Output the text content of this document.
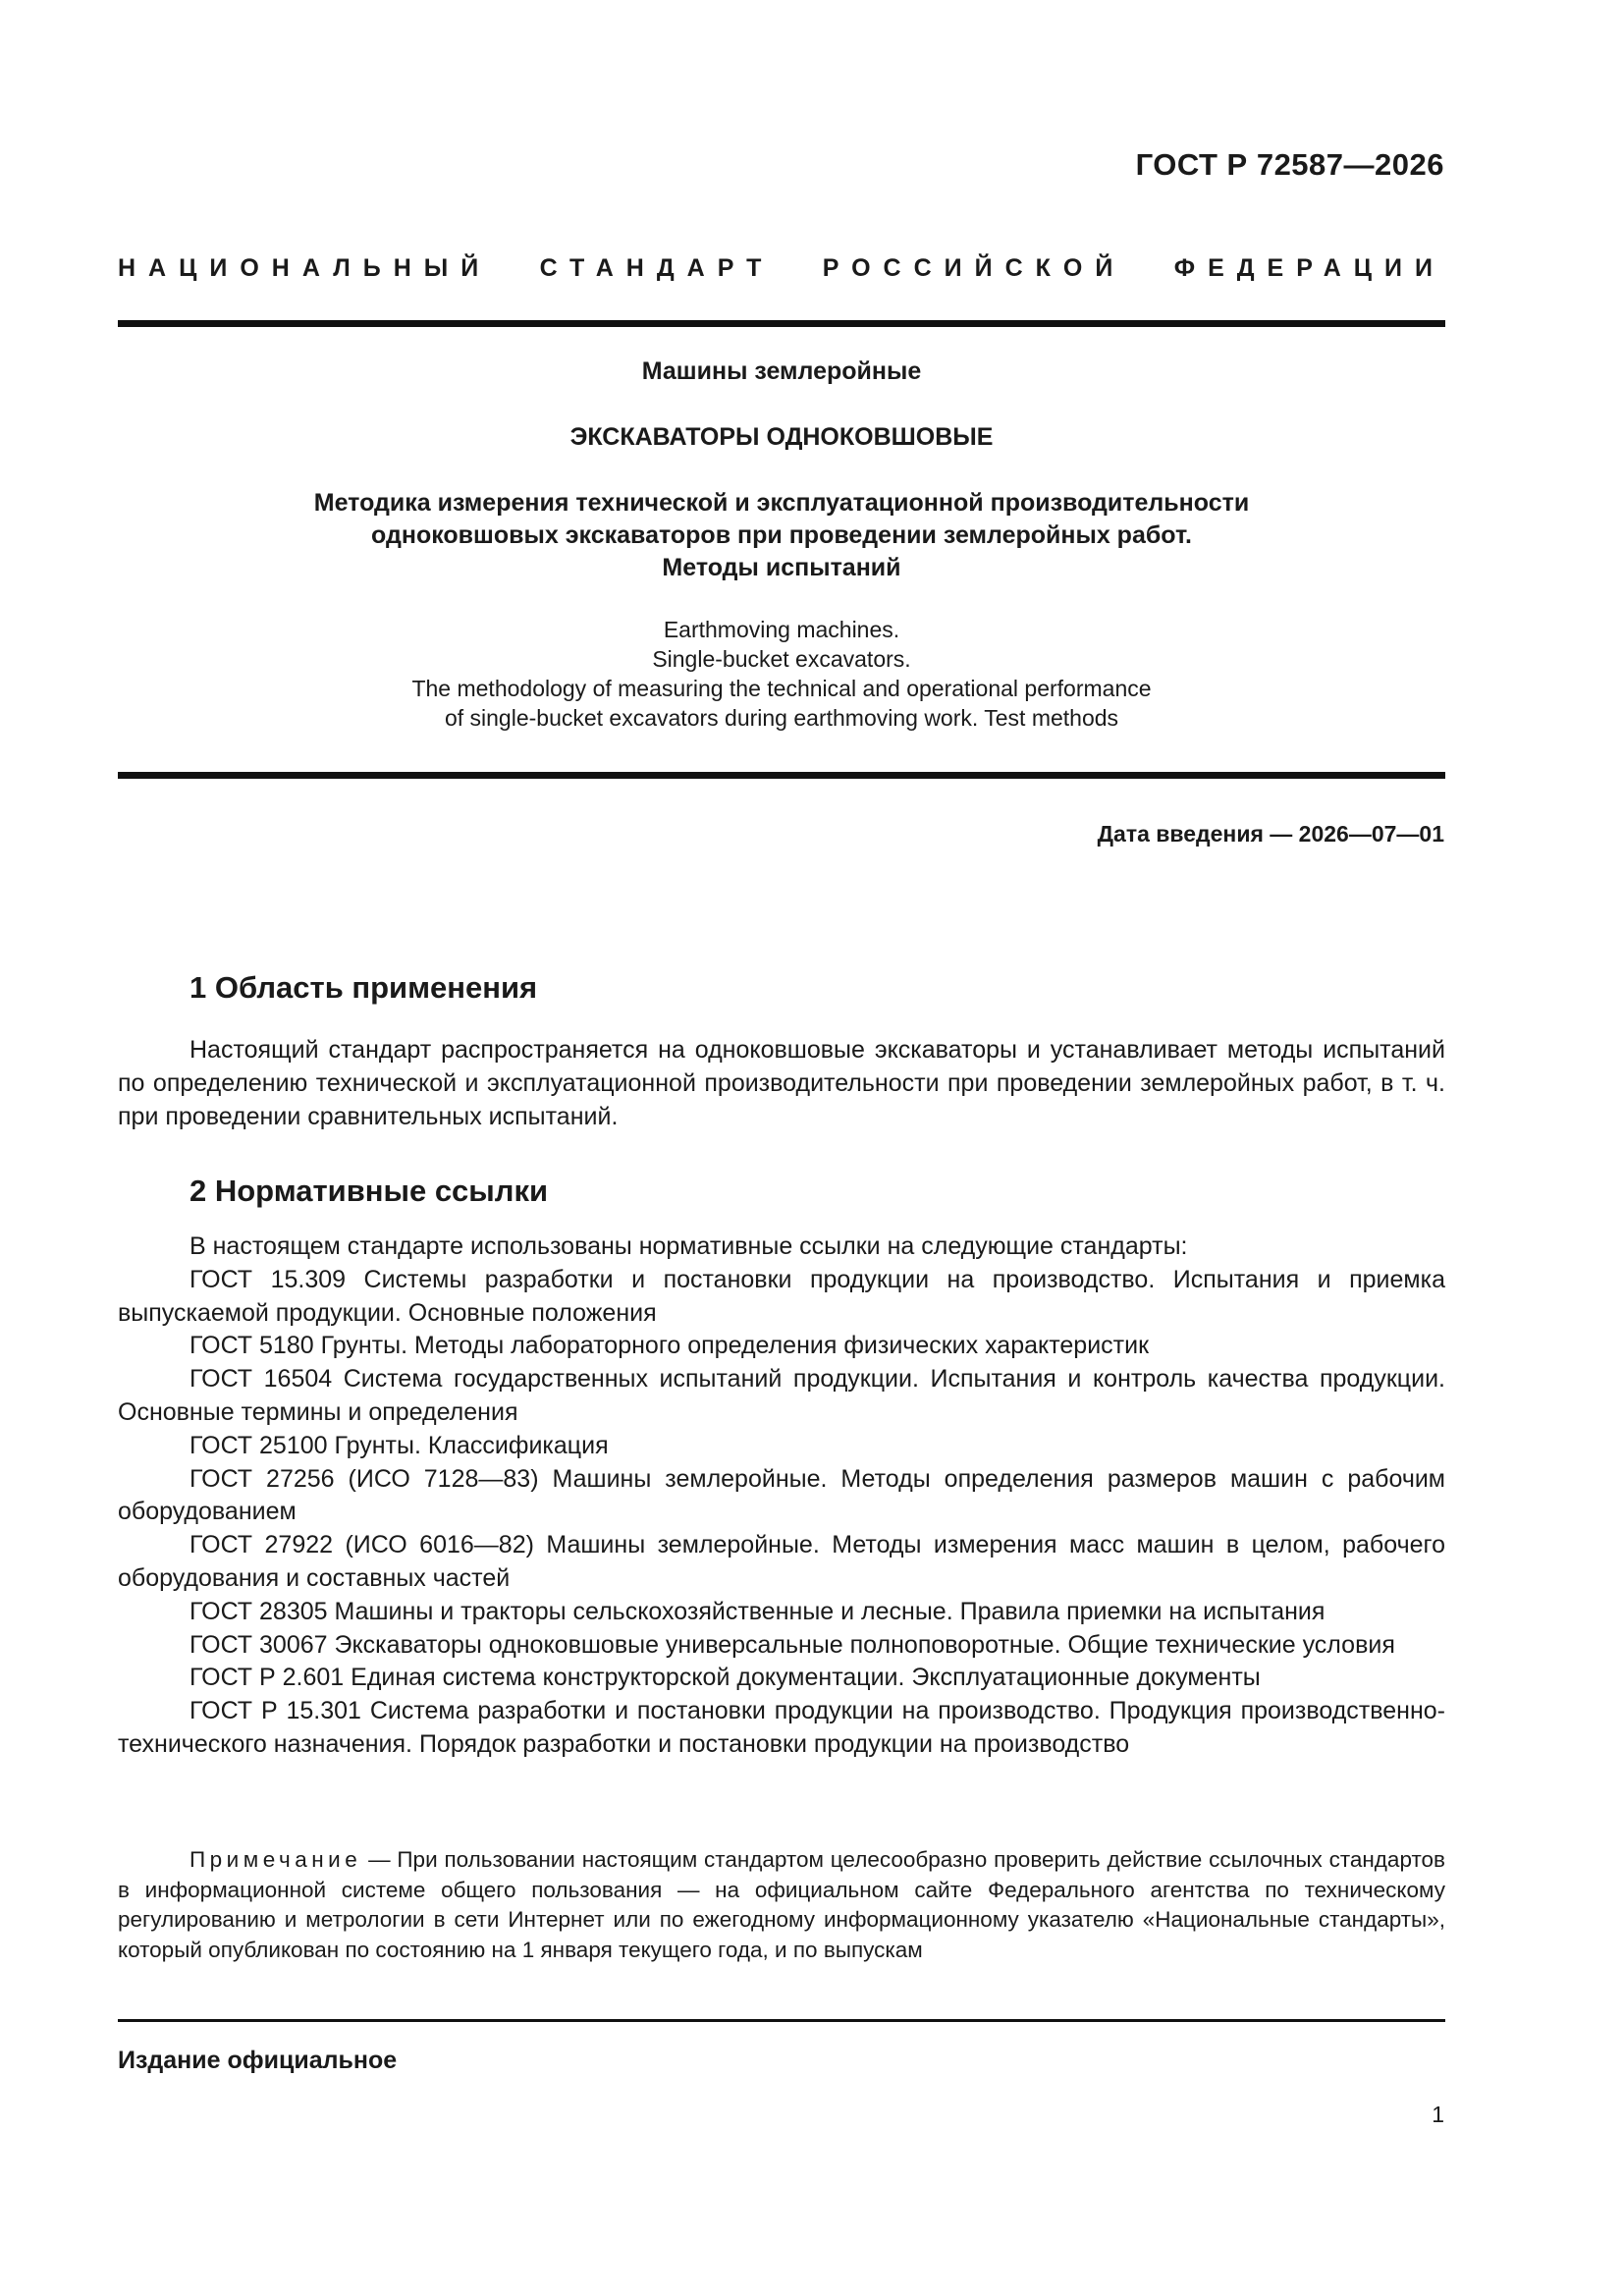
ГОСТ Р 72587—2026
НАЦИОНАЛЬНЫЙ СТАНДАРТ РОССИЙСКОЙ ФЕДЕРАЦИИ
Машины землеройные
ЭКСКАВАТОРЫ ОДНОКОВШОВЫЕ
Методика измерения технической и эксплуатационной производительности
одноковшовых экскаваторов при проведении землеройных работ.
Методы испытаний
Earthmoving machines.
Single-bucket excavators.
The methodology of measuring the technical and operational performance
of single-bucket excavators during earthmoving work. Test methods
Дата введения — 2026—07—01
1 Область применения
Настоящий стандарт распространяется на одноковшовые экскаваторы и устанавливает методы испытаний по определению технической и эксплуатационной производительности при проведении землеройных работ, в т. ч. при проведении сравнительных испытаний.
2 Нормативные ссылки

В настоящем стандарте использованы нормативные ссылки на следующие стандарты:

ГОСТ 15.309 Системы разработки и постановки продукции на производство. Испытания и приемка выпускаемой продукции. Основные положения

ГОСТ 5180 Грунты. Методы лабораторного определения физических характеристик

ГОСТ 16504 Система государственных испытаний продукции. Испытания и контроль качества продукции. Основные термины и определения

ГОСТ 25100 Грунты. Классификация

ГОСТ 27256 (ИСО 7128—83) Машины землеройные. Методы определения размеров машин с рабочим оборудованием

ГОСТ 27922 (ИСО 6016—82) Машины землеройные. Методы измерения масс машин в целом, рабочего оборудования и составных частей

ГОСТ 28305 Машины и тракторы сельскохозяйственные и лесные. Правила приемки на испытания

ГОСТ 30067 Экскаваторы одноковшовые универсальные полноповоротные. Общие технические условия

ГОСТ Р 2.601 Единая система конструкторской документации. Эксплуатационные документы

ГОСТ Р 15.301 Система разработки и постановки продукции на производство. Продукция производственно-технического назначения. Порядок разработки и постановки продукции на производство

Примечание — При пользовании настоящим стандартом целесообразно проверить действие ссылочных стандартов в информационной системе общего пользования — на официальном сайте Федерального агентства по техническому регулированию и метрологии в сети Интернет или по ежегодному информационному указателю «Национальные стандарты», который опубликован по состоянию на 1 января текущего года, и по выпускам
Издание официальное
1
